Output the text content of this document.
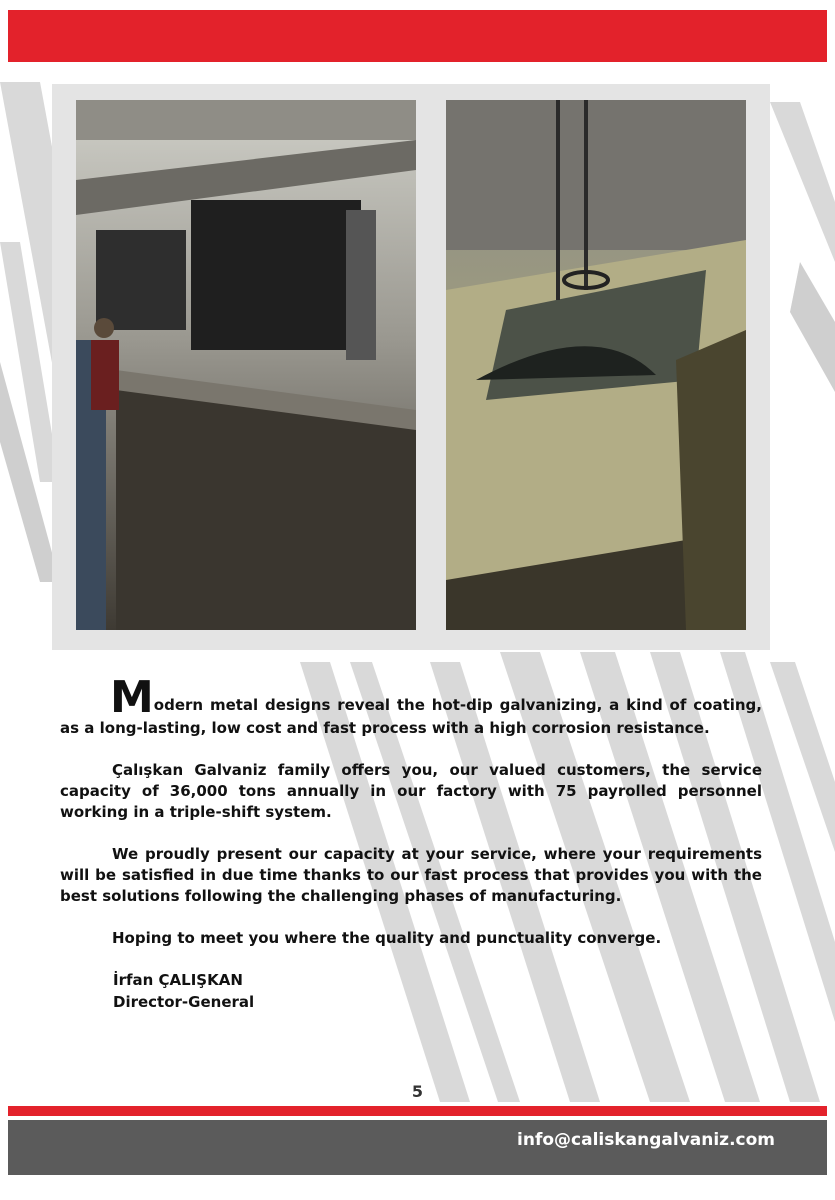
Modern metal designs reveal the hot-dip galvanizing, a kind of coating, as a long-lasting, low cost and fast process with a high corrosion resistance.

Çalışkan Galvaniz family offers you, our valued customers, the service capacity of 36,000 tons annually in our factory with 75 payrolled personnel working in a triple-shift system.

We proudly present our capacity at your service, where your requirements will be satisfied in due time thanks to our fast process that provides you with the best solutions following the challenging phases of manufacturing.

Hoping to meet you where the quality and punctuality converge.

İrfan ÇALIŞKAN
Director-General

5
info@caliskangalvaniz.com
